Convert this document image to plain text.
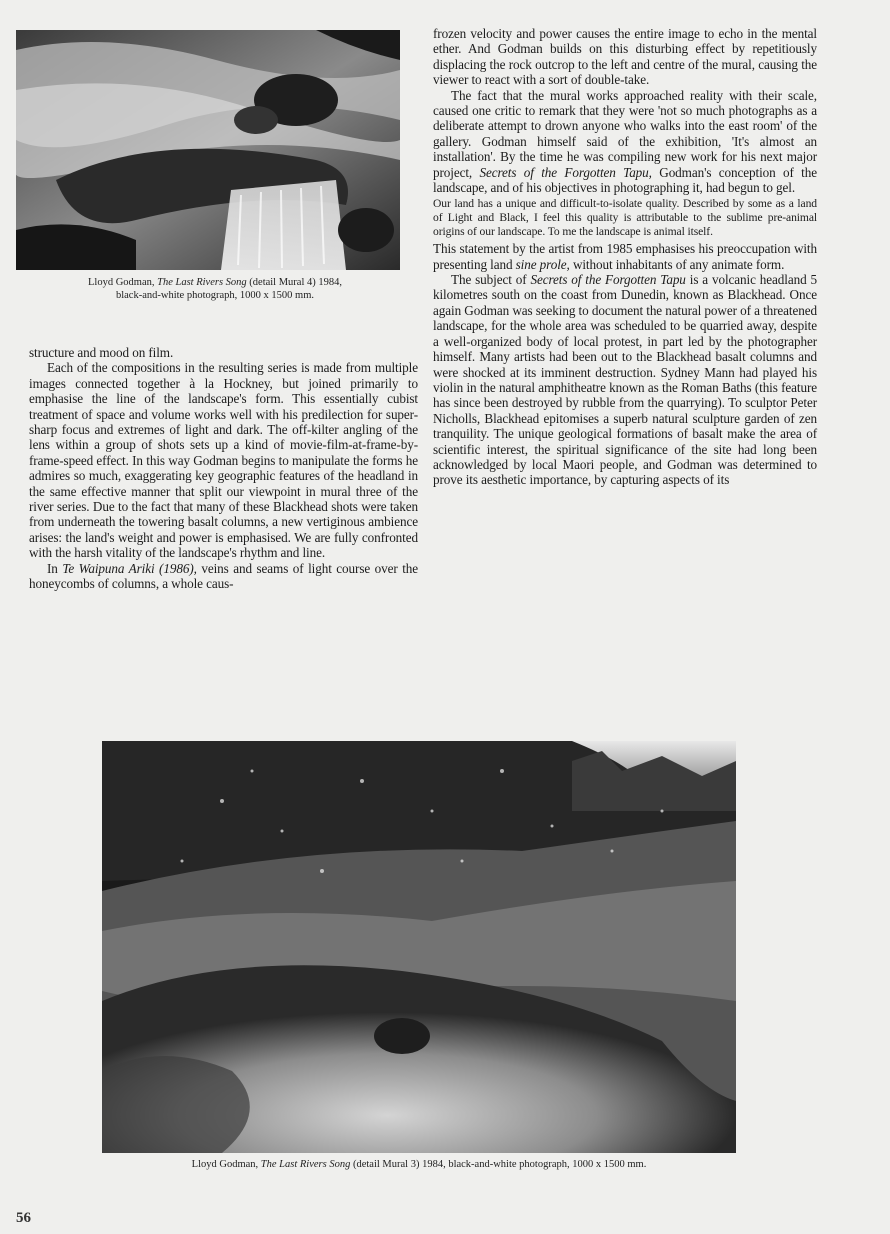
Lloyd Godman, The Last Rivers Song (detail Mural 4) 1984,
black-and-white photograph, 1000 x 1500 mm.

frozen velocity and power causes the entire image to echo in the mental ether. And Godman builds on this disturbing effect by repetitiously displacing the rock outcrop to the left and centre of the mural, causing the viewer to react with a sort of double-take.

The fact that the mural works approached reality with their scale, caused one critic to remark that they were 'not so much photographs as a deliberate attempt to drown anyone who walks into the east room' of the gallery. Godman himself said of the exhibition, 'It's almost an installation'. By the time he was compiling new work for his next major project, Secrets of the Forgotten Tapu, Godman's conception of the landscape, and of his objectives in photographing it, had begun to gel.

Our land has a unique and difficult-to-isolate quality. Described by some as a land of Light and Black, I feel this quality is attributable to the sublime pre-animal origins of our landscape. To me the landscape is animal itself.

This statement by the artist from 1985 emphasises his preoccupation with presenting land sine prole, without inhabitants of any animate form.

The subject of Secrets of the Forgotten Tapu is a volcanic headland 5 kilometres south on the coast from Dunedin, known as Blackhead. Once again Godman was seeking to document the natural power of a threatened landscape, for the whole area was scheduled to be quarried away, despite a well-organized body of local protest, in part led by the photographer himself. Many artists had been out to the Blackhead basalt columns and were shocked at its imminent destruction. Sydney Mann had played his violin in the natural amphitheatre known as the Roman Baths (this feature has since been destroyed by rubble from the quarrying). To sculptor Peter Nicholls, Blackhead epitomises a superb natural sculpture garden of zen tranquility. The unique geological formations of basalt make the area of scientific interest, the spiritual significance of the site had long been acknowledged by local Maori people, and Godman was determined to prove its aesthetic importance, by capturing aspects of its

structure and mood on film.

Each of the compositions in the resulting series is made from multiple images connected together à la Hockney, but joined primarily to emphasise the line of the landscape's form. This essentially cubist treatment of space and volume works well with his predilection for super-sharp focus and extremes of light and dark. The off-kilter angling of the lens within a group of shots sets up a kind of movie-film-at-frame-by-frame-speed effect. In this way Godman begins to manipulate the forms he admires so much, exaggerating key geographic features of the headland in the same effective manner that split our viewpoint in mural three of the river series. Due to the fact that many of these Blackhead shots were taken from underneath the towering basalt columns, a new vertiginous ambience arises: the land's weight and power is emphasised. We are fully confronted with the harsh vitality of the landscape's rhythm and line.

In Te Waipuna Ariki (1986), veins and seams of light course over the honeycombs of columns, a whole caus-

Lloyd Godman, The Last Rivers Song (detail Mural 3) 1984, black-and-white photograph, 1000 x 1500 mm.
56
